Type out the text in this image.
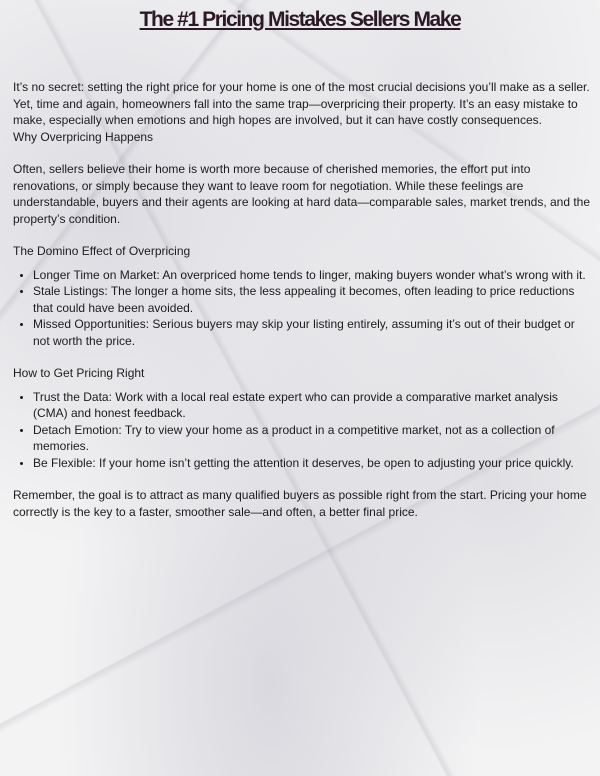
The #1 Pricing Mistakes Sellers Make

It’s no secret: setting the right price for your home is one of the most crucial decisions you’ll make as a seller. Yet, time and again, homeowners fall into the same trap—overpricing their property. It’s an easy mistake to make, especially when emotions and high hopes are involved, but it can have costly consequences.

Why Overpricing Happens

Often, sellers believe their home is worth more because of cherished memories, the effort put into renovations, or simply because they want to leave room for negotiation. While these feelings are understandable, buyers and their agents are looking at hard data—comparable sales, market trends, and the property’s condition.

The Domino Effect of Overpricing

• Longer Time on Market: An overpriced home tends to linger, making buyers wonder what’s wrong with it.
• Stale Listings: The longer a home sits, the less appealing it becomes, often leading to price reductions that could have been avoided.
• Missed Opportunities: Serious buyers may skip your listing entirely, assuming it’s out of their budget or not worth the price.

How to Get Pricing Right

• Trust the Data: Work with a local real estate expert who can provide a comparative market analysis (CMA) and honest feedback.
• Detach Emotion: Try to view your home as a product in a competitive market, not as a collection of memories.
• Be Flexible: If your home isn’t getting the attention it deserves, be open to adjusting your price quickly.

Remember, the goal is to attract as many qualified buyers as possible right from the start. Pricing your home correctly is the key to a faster, smoother sale—and often, a better final price.
